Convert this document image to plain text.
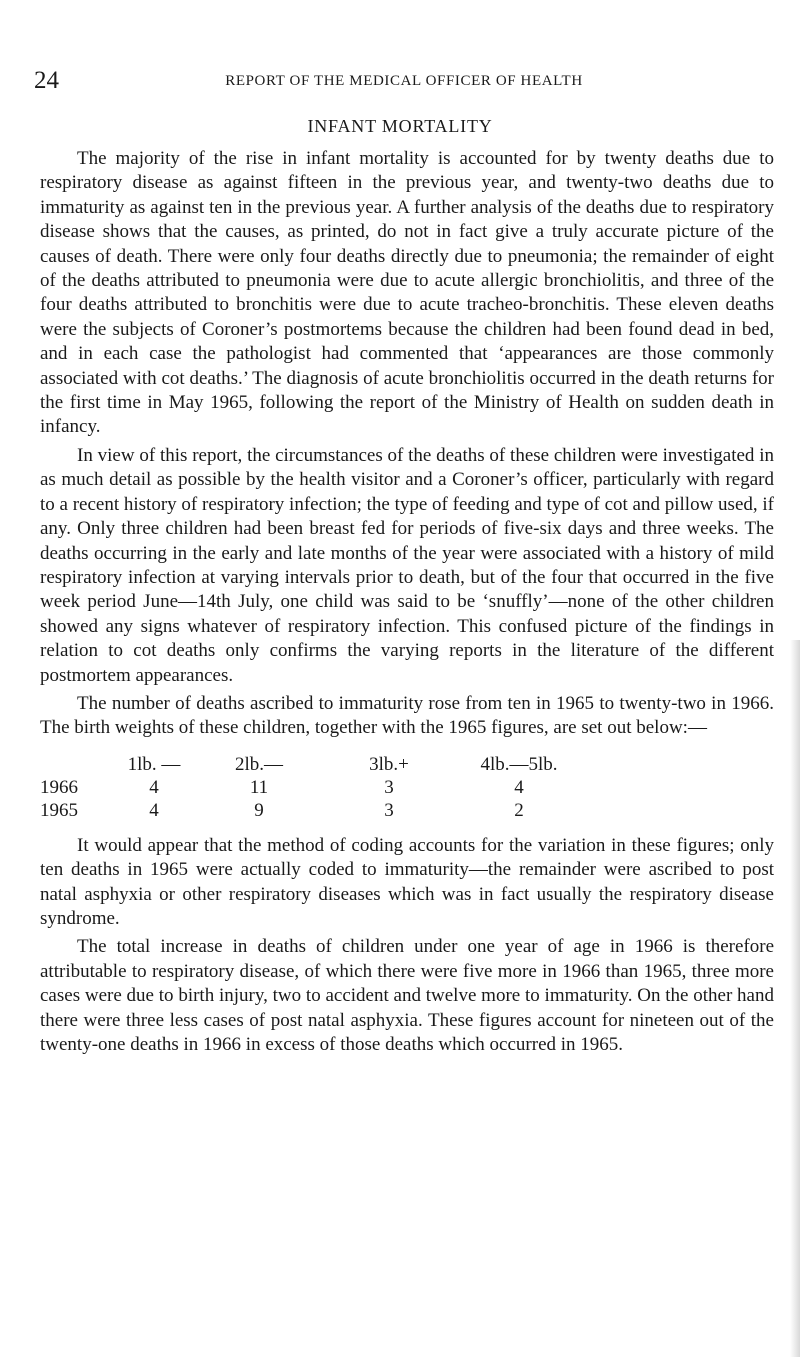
24	REPORT OF THE MEDICAL OFFICER OF HEALTH
INFANT MORTALITY

The majority of the rise in infant mortality is accounted for by twenty deaths due to respiratory disease as against fifteen in the previous year, and twenty-two deaths due to immaturity as against ten in the previous year. A further analysis of the deaths due to respiratory disease shows that the causes, as printed, do not in fact give a truly accurate picture of the causes of death. There were only four deaths directly due to pneumonia; the remainder of eight of the deaths attributed to pneumonia were due to acute allergic bronchiolitis, and three of the four deaths attributed to bronchitis were due to acute tracheo-bronchitis. These eleven deaths were the subjects of Coroner’s postmortems because the children had been found dead in bed, and in each case the pathologist had commented that ‘appearances are those commonly associated with cot deaths.’ The diagnosis of acute bronchiolitis occurred in the death returns for the first time in May 1965, following the report of the Ministry of Health on sudden death in infancy.

In view of this report, the circumstances of the deaths of these children were investigated in as much detail as possible by the health visitor and a Coroner’s officer, particularly with regard to a recent history of respiratory infection; the type of feeding and type of cot and pillow used, if any. Only three children had been breast fed for periods of five-six days and three weeks. The deaths occurring in the early and late months of the year were associated with a history of mild respiratory infection at varying intervals prior to death, but of the four that occurred in the five week period June—14th July, one child was said to be ‘snuffly’—none of the other children showed any signs whatever of respiratory infection. This confused picture of the findings in relation to cot deaths only confirms the varying reports in the literature of the different postmortem appearances.

The number of deaths ascribed to immaturity rose from ten in 1965 to twenty-two in 1966. The birth weights of these children, together with the 1965 figures, are set out below:—

	1lb. —	2lb.—	3lb.+	4lb.—5lb.	
1966	4	11	3	4	
1965	4	9	3	2	

It would appear that the method of coding accounts for the variation in these figures; only ten deaths in 1965 were actually coded to immaturity—the remainder were ascribed to post natal asphyxia or other respiratory diseases which was in fact usually the respiratory disease syndrome.

The total increase in deaths of children under one year of age in 1966 is therefore attributable to respiratory disease, of which there were five more in 1966 than 1965, three more cases were due to birth injury, two to accident and twelve more to immaturity. On the other hand there were three less cases of post natal asphyxia. These figures account for nineteen out of the twenty-one deaths in 1966 in excess of those deaths which occurred in 1965.
